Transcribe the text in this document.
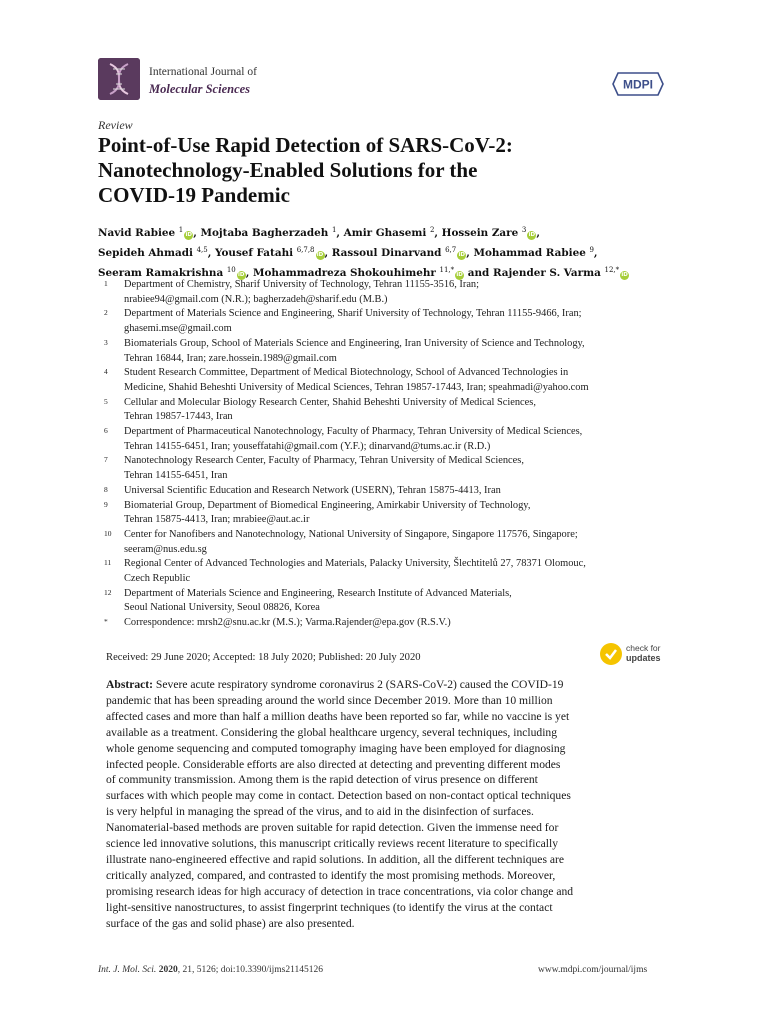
International Journal of
Molecular Sciences	MDPI
Review
Point-of-Use Rapid Detection of SARS-CoV-2:
Nanotechnology-Enabled Solutions for the
COVID-19 Pandemic
Navid Rabiee $^1$iD, Mojtaba Bagherzadeh $^1$, Amir Ghasemi $^2$, Hossein Zare $^3$iD,
Sepideh Ahmadi $^{4,5}$, Yousef Fatahi $^{6,7,8}$iD, Rassoul Dinarvand $^{6,7}$iD, Mohammad Rabiee $^9$,
Seeram Ramakrishna $^{10}$iD, Mohammadreza Shokouhimehr $^{11,*}$iD and Rajender S. Varma $^{12,*}$iD
1	Department of Chemistry, Sharif University of Technology, Tehran 11155-3516, Iran;
nrabiee94@gmail.com (N.R.); bagherzadeh@sharif.edu (M.B.)
2	Department of Materials Science and Engineering, Sharif University of Technology, Tehran 11155-9466, Iran;
ghasemi.mse@gmail.com
3	Biomaterials Group, School of Materials Science and Engineering, Iran University of Science and Technology,
Tehran 16844, Iran; zare.hossein.1989@gmail.com
4	Student Research Committee, Department of Medical Biotechnology, School of Advanced Technologies in
Medicine, Shahid Beheshti University of Medical Sciences, Tehran 19857-17443, Iran; speahmadi@yahoo.com
5	Cellular and Molecular Biology Research Center, Shahid Beheshti University of Medical Sciences,
Tehran 19857-17443, Iran
6	Department of Pharmaceutical Nanotechnology, Faculty of Pharmacy, Tehran University of Medical Sciences,
Tehran 14155-6451, Iran; youseffatahi@gmail.com (Y.F.); dinarvand@tums.ac.ir (R.D.)
7	Nanotechnology Research Center, Faculty of Pharmacy, Tehran University of Medical Sciences,
Tehran 14155-6451, Iran
8	Universal Scientific Education and Research Network (USERN), Tehran 15875-4413, Iran
9	Biomaterial Group, Department of Biomedical Engineering, Amirkabir University of Technology,
Tehran 15875-4413, Iran; mrabiee@aut.ac.ir
10	Center for Nanofibers and Nanotechnology, National University of Singapore, Singapore 117576, Singapore;
seeram@nus.edu.sg
11	Regional Center of Advanced Technologies and Materials, Palacky University, Šlechtitelů 27, 78371 Olomouc,
Czech Republic
12	Department of Materials Science and Engineering, Research Institute of Advanced Materials,
Seoul National University, Seoul 08826, Korea
*	Correspondence: mrsh2@snu.ac.kr (M.S.); Varma.Rajender@epa.gov (R.S.V.)
Received: 29 June 2020; Accepted: 18 July 2020; Published: 20 July 2020
check for
updates
Abstract: Severe acute respiratory syndrome coronavirus 2 (SARS-CoV-2) caused the COVID-19
pandemic that has been spreading around the world since December 2019. More than 10 million
affected cases and more than half a million deaths have been reported so far, while no vaccine is yet
available as a treatment. Considering the global healthcare urgency, several techniques, including
whole genome sequencing and computed tomography imaging have been employed for diagnosing
infected people. Considerable efforts are also directed at detecting and preventing different modes
of community transmission. Among them is the rapid detection of virus presence on different
surfaces with which people may come in contact. Detection based on non-contact optical techniques
is very helpful in managing the spread of the virus, and to aid in the disinfection of surfaces.
Nanomaterial-based methods are proven suitable for rapid detection. Given the immense need for
science led innovative solutions, this manuscript critically reviews recent literature to specifically
illustrate nano-engineered effective and rapid solutions. In addition, all the different techniques are
critically analyzed, compared, and contrasted to identify the most promising methods. Moreover,
promising research ideas for high accuracy of detection in trace concentrations, via color change and
light-sensitive nanostructures, to assist fingerprint techniques (to identify the virus at the contact
surface of the gas and solid phase) are also presented.
Int. J. Mol. Sci. 2020, 21, 5126; doi:10.3390/ijms21145126	www.mdpi.com/journal/ijms
